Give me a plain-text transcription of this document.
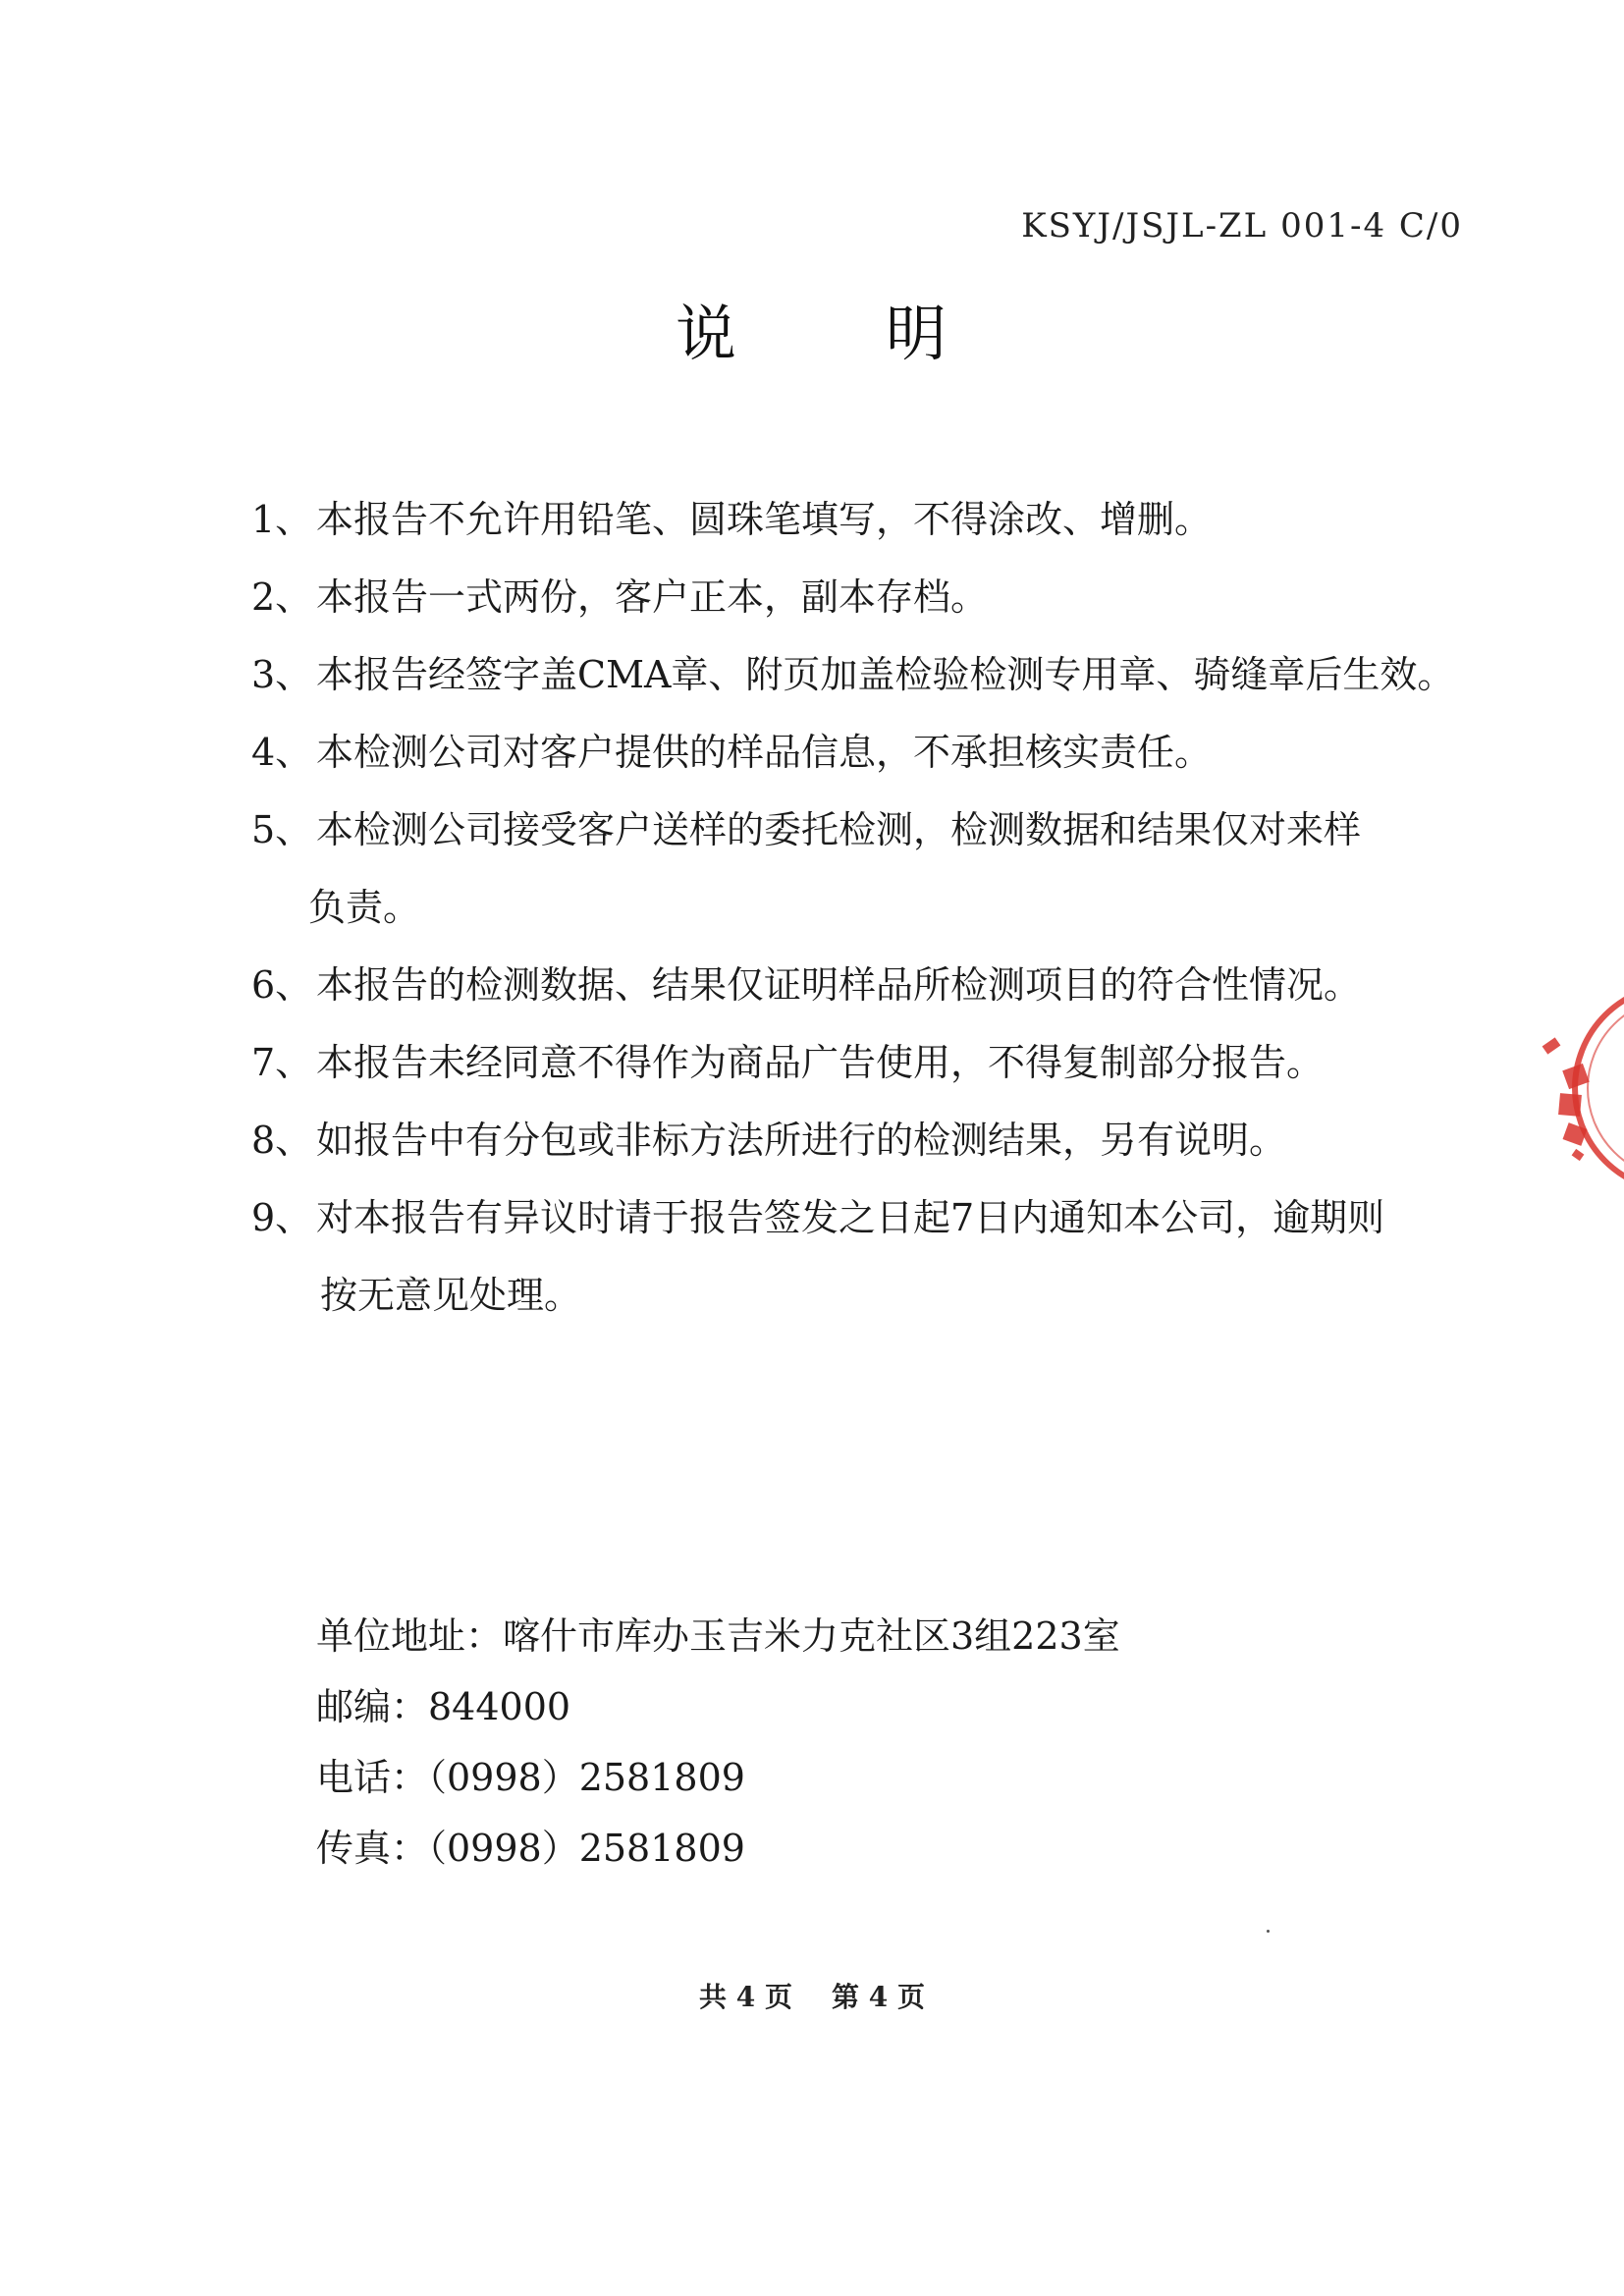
KSYJ/JSJL-ZL 001-4 C/0
说 明
1、 本报告不允许用铅笔、圆珠笔填写，不得涂改、增删。
2、 本报告一式两份，客户正本，副本存档。
3、 本报告经签字盖CMA章、附页加盖检验检测专用章、骑缝章后生效。
4、 本检测公司对客户提供的样品信息，不承担核实责任。
5、 本检测公司接受客户送样的委托检测，检测数据和结果仅对来样
负责。
6、 本报告的检测数据、结果仅证明样品所检测项目的符合性情况。
7、 本报告未经同意不得作为商品广告使用，不得复制部分报告。
8、 如报告中有分包或非标方法所进行的检测结果，另有说明。
9、 对本报告有异议时请于报告签发之日起7日内通知本公司，逾期则
按无意见处理。
单位地址：喀什市库办玉吉米力克社区3组223室
邮编：844000
电话：（0998）2581809
传真：（0998）2581809
共 4 页 第 4 页
